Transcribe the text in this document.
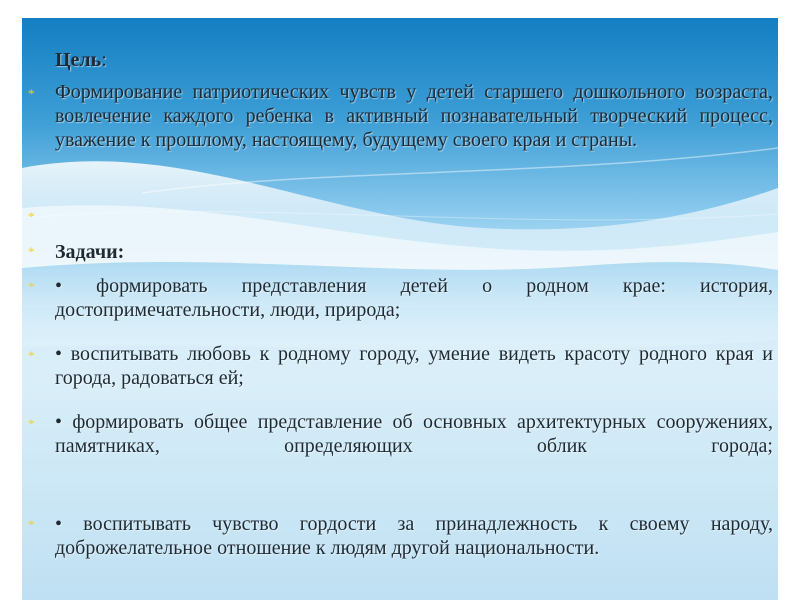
Цель:
*	Формирование патриотических чувств у детей старшего дошкольного возраста, вовлечение каждого ребенка в активный познавательный творческий процесс, уважение к прошлому, настоящему, будущему своего края и страны.
*
*	Задачи:
*	• формировать представления детей о родном крае: история, достопримечательности, люди, природа;
*	• воспитывать любовь к родному городу, умение видеть красоту родного края и города, радоваться ей;
*	• формировать общее представление об основных архитектурных сооружениях, памятниках, определяющих облик города;
*	• воспитывать чувство гордости за принадлежность к своему народу, доброжелательное отношение к людям другой национальности.
